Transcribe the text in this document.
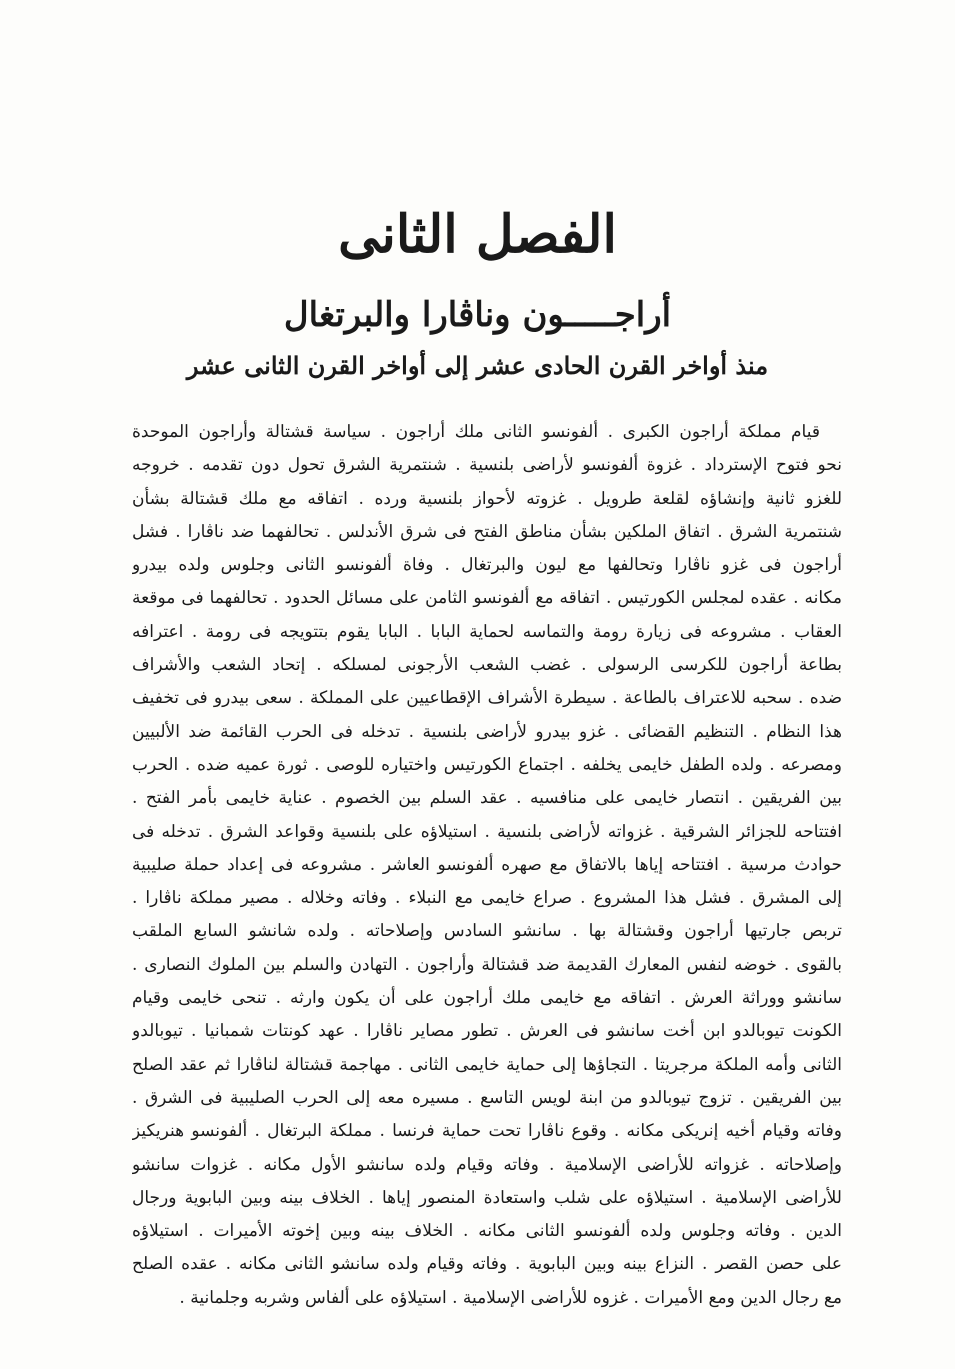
الفصل الثانى
أراجـــــون وناڤارا والبرتغال
منذ أواخر القرن الحادى عشر إلى أواخر القرن الثانى عشر
قيام مملكة أراجون الكبرى . ألفونسو الثانى ملك أراجون . سياسة قشتالة وأراجون الموحدة
نحو فتوح الإسترداد . غزوة ألفونسو لأراضى بلنسية . شنتمرية الشرق تحول دون تقدمه . خروجه
للغزو ثانية وإنشاؤه لقلعة طرويل . غزوته لأحواز بلنسية ورده . اتفاقه مع ملك قشتالة بشأن
شنتمرية الشرق . اتفاق الملكين بشأن مناطق الفتح فى شرق الأندلس . تحالفهما ضد ناڤارا . فشل
أراجون فى غزو ناڤارا وتحالفها مع ليون والبرتغال . وفاة ألفونسو الثانى وجلوس ولده بيدرو
مكانه . عقده لمجلس الكورتيس . اتفاقه مع ألفونسو الثامن على مسائل الحدود . تحالفهما فى موقعة
العقاب . مشروعه فى زيارة رومة والتماسه لحماية البابا . البابا يقوم بتتويجه فى رومة . اعترافه
بطاعة أراجون للكرسى الرسولى . غضب الشعب الأرجونى لمسلكه . إتحاد الشعب والأشراف
ضده . سحبه للاعتراف بالطاعة . سيطرة الأشراف الإقطاعيين على المملكة . سعى بيدرو فى تخفيف
هذا النظام . التنظيم القضائى . غزو بيدرو لأراضى بلنسية . تدخله فى الحرب القائمة ضد الألبيين
ومصرعه . ولده الطفل خايمى يخلفه . اجتماع الكورتيس واختياره للوصى . ثورة عميه ضده . الحرب
بين الفريقين . انتصار خايمى على منافسيه . عقد السلم بين الخصوم . عناية خايمى بأمر الفتح .
افتتاحه للجزائر الشرقية . غزواته لأراضى بلنسية . استيلاؤه على بلنسية وقواعد الشرق . تدخله فى
حوادث مرسية . افتتاحه إياها بالاتفاق مع صهره ألفونسو العاشر . مشروعه فى إعداد حملة صليبية
إلى المشرق . فشل هذا المشروع . صراع خايمى مع النبلاء . وفاته وخلاله . مصير مملكة ناڤارا .
تربص جارتيها أراجون وقشتالة بها . سانشو السادس وإصلاحاته . ولده شانشو السابع الملقب
بالقوى . خوضه لنفس المعارك القديمة ضد قشتالة وأراجون . التهادن والسلم بين الملوك النصارى .
سانشو ووراثة العرش . اتفاقه مع خايمى ملك أراجون على أن يكون وارثه . تنحى خايمى وقيام
الكونت تيوبالدو ابن أخت سانشو فى العرش . تطور مصاير ناڤارا . عهد كونتات شمبانيا . تيوبالدو
الثانى وأمه الملكة مرجريتا . التجاؤها إلى حماية خايمى الثانى . مهاجمة قشتالة لناڤارا ثم عقد الصلح
بين الفريقين . تزوج تيوبالدو من ابنة لويس التاسع . مسيره معه إلى الحرب الصليبية فى الشرق .
وفاته وقيام أخيه إنريكى مكانه . وقوع ناڤارا تحت حماية فرنسا . مملكة البرتغال . ألفونسو هنريكيز
وإصلاحاته . غزواته للأراضى الإسلامية . وفاته وقيام ولده سانشو الأول مكانه . غزوات سانشو
للأراضى الإسلامية . استيلاؤه على شلب واستعادة المنصور إياها . الخلاف بينه وبين البابوية ورجال
الدين . وفاته وجلوس ولده ألفونسو الثانى مكانه . الخلاف بينه وبين إخوته الأميرات . استيلاؤه
على حصن القصر . النزاع بينه وبين البابوية . وفاته وقيام ولده سانشو الثانى مكانه . عقده الصلح
مع رجال الدين ومع الأميرات . غزوه للأراضى الإسلامية . استيلاؤه على ألفاس وشربه وجلمانية .
